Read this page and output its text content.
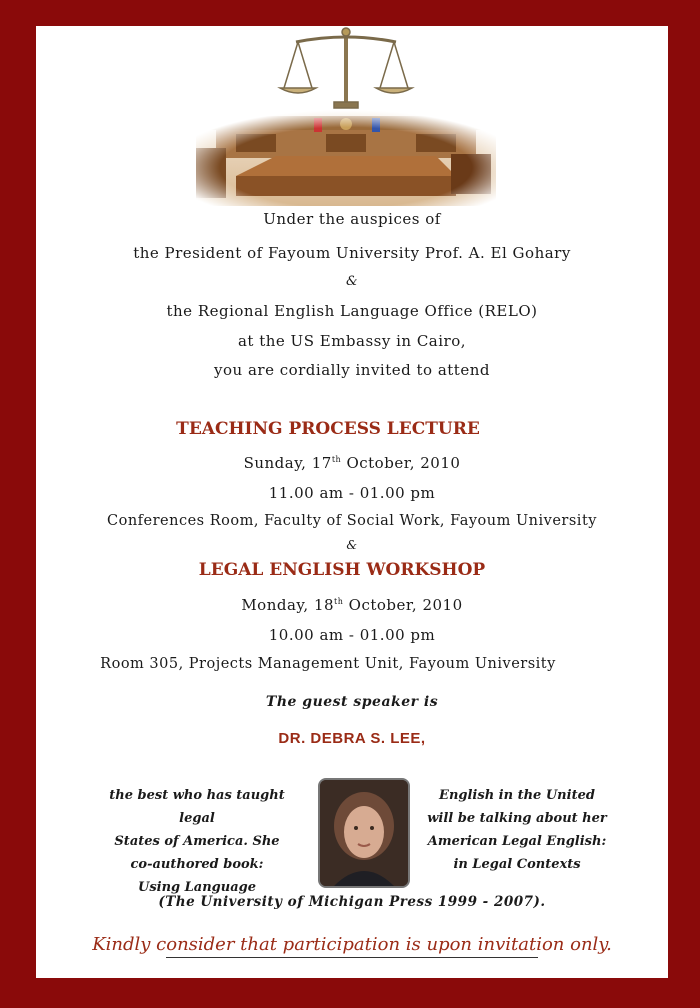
Under the auspices of
the President of Fayoum University Prof. A. El Gohary
&
the Regional English Language Office (RELO)
at the US Embassy in Cairo,
you are cordially invited to attend
TEACHING PROCESS LECTURE
Sunday, 17th October, 2010
11.00 am - 01.00 pm
Conferences Room, Faculty of Social Work, Fayoum University
&
LEGAL ENGLISH WORKSHOP
Monday, 18th October, 2010
10.00 am - 01.00 pm
Room 305, Projects Management Unit, Fayoum University
The guest speaker is
DR. DEBRA S. LEE,
the best who has taught legal
States of America. She
co-authored book:
Using Language
English in the United
will be talking about her
American Legal English:
in Legal Contexts
(The University of Michigan Press 1999 - 2007).
Kindly consider that participation is upon invitation only.
